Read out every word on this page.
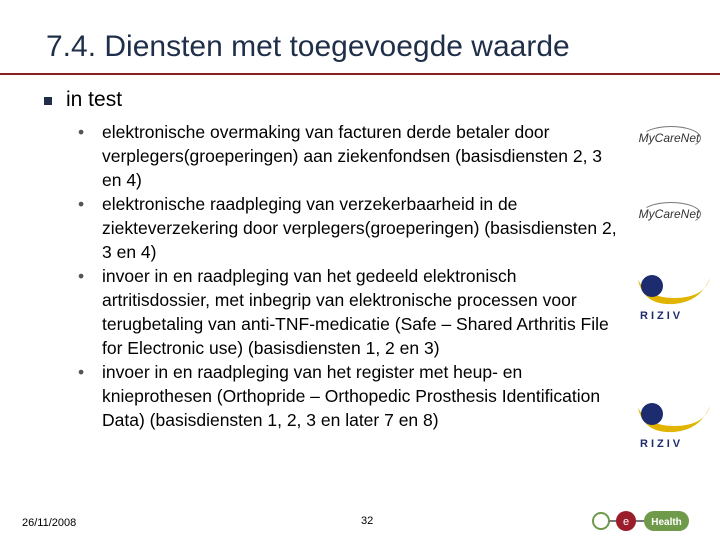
7.4. Diensten met toegevoegde waarde
in test
• elektronische overmaking van facturen derde betaler door verplegers(groeperingen) aan ziekenfondsen (basisdiensten 2, 3 en 4)
• elektronische raadpleging van verzekerbaarheid in de ziekteverzekering door verplegers(groeperingen) (basisdiensten 2, 3 en 4)
• invoer in en raadpleging van het gedeeld elektronisch artritisdossier, met inbegrip van elektronische processen voor terugbetaling van anti-TNF-medicatie (Safe – Shared Arthritis File for Electronic use) (basisdiensten 1, 2 en 3)
• invoer in en raadpleging van het register met heup- en knieprothesen (Orthopride – Orthopedic Prosthesis Identification Data) (basisdiensten 1, 2, 3 en later 7 en 8)
MyCareNet
MyCareNet
RIZIV
RIZIV
26/11/2008	32	e Health
